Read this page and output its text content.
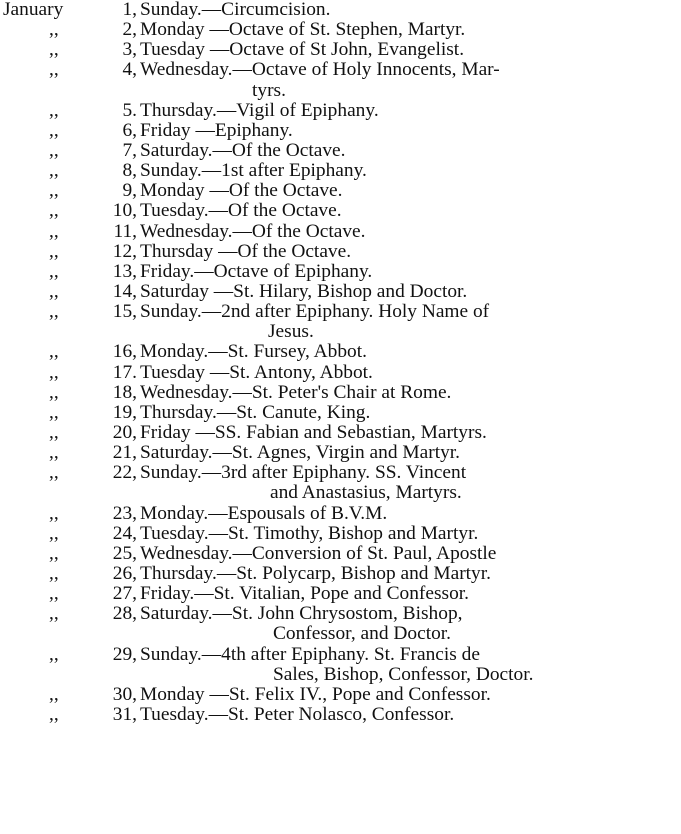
January	1, Sunday.—Circumcision.
,,	2, Monday —Octave of St. Stephen, Martyr.
,,	3, Tuesday —Octave of St John, Evangelist.
,,	4, Wednesday.—Octave of Holy Innocents, Mar-
tyrs.
,,	5. Thursday.—Vigil of Epiphany.
,,	6, Friday —Epiphany.
,,	7, Saturday.—Of the Octave.
,,	8, Sunday.—1st after Epiphany.
,,	9, Monday —Of the Octave.
,,	10, Tuesday.—Of the Octave.
,,	11, Wednesday.—Of the Octave.
,,	12, Thursday —Of the Octave.
,,	13, Friday.—Octave of Epiphany.
,,	14, Saturday —St. Hilary, Bishop and Doctor.
,,	15, Sunday.—2nd after Epiphany. Holy Name of
Jesus.
,,	16, Monday.—St. Fursey, Abbot.
,,	17. Tuesday —St. Antony, Abbot.
,,	18, Wednesday.—St. Peter's Chair at Rome.
,,	19, Thursday.—St. Canute, King.
,,	20, Friday —SS. Fabian and Sebastian, Martyrs.
,,	21, Saturday.—St. Agnes, Virgin and Martyr.
,,	22, Sunday.—3rd after Epiphany. SS. Vincent
and Anastasius, Martyrs.
,,	23, Monday.—Espousals of B.V.M.
,,	24, Tuesday.—St. Timothy, Bishop and Martyr.
,,	25, Wednesday.—Conversion of St. Paul, Apostle
,,	26, Thursday.—St. Polycarp, Bishop and Martyr.
,,	27, Friday.—St. Vitalian, Pope and Confessor.
,,	28, Saturday.—St. John Chrysostom, Bishop,
Confessor, and Doctor.
,,	29, Sunday.—4th after Epiphany. St. Francis de
Sales, Bishop, Confessor, Doctor.
,,	30, Monday —St. Felix IV., Pope and Confessor.
,,	31, Tuesday.—St. Peter Nolasco, Confessor.
